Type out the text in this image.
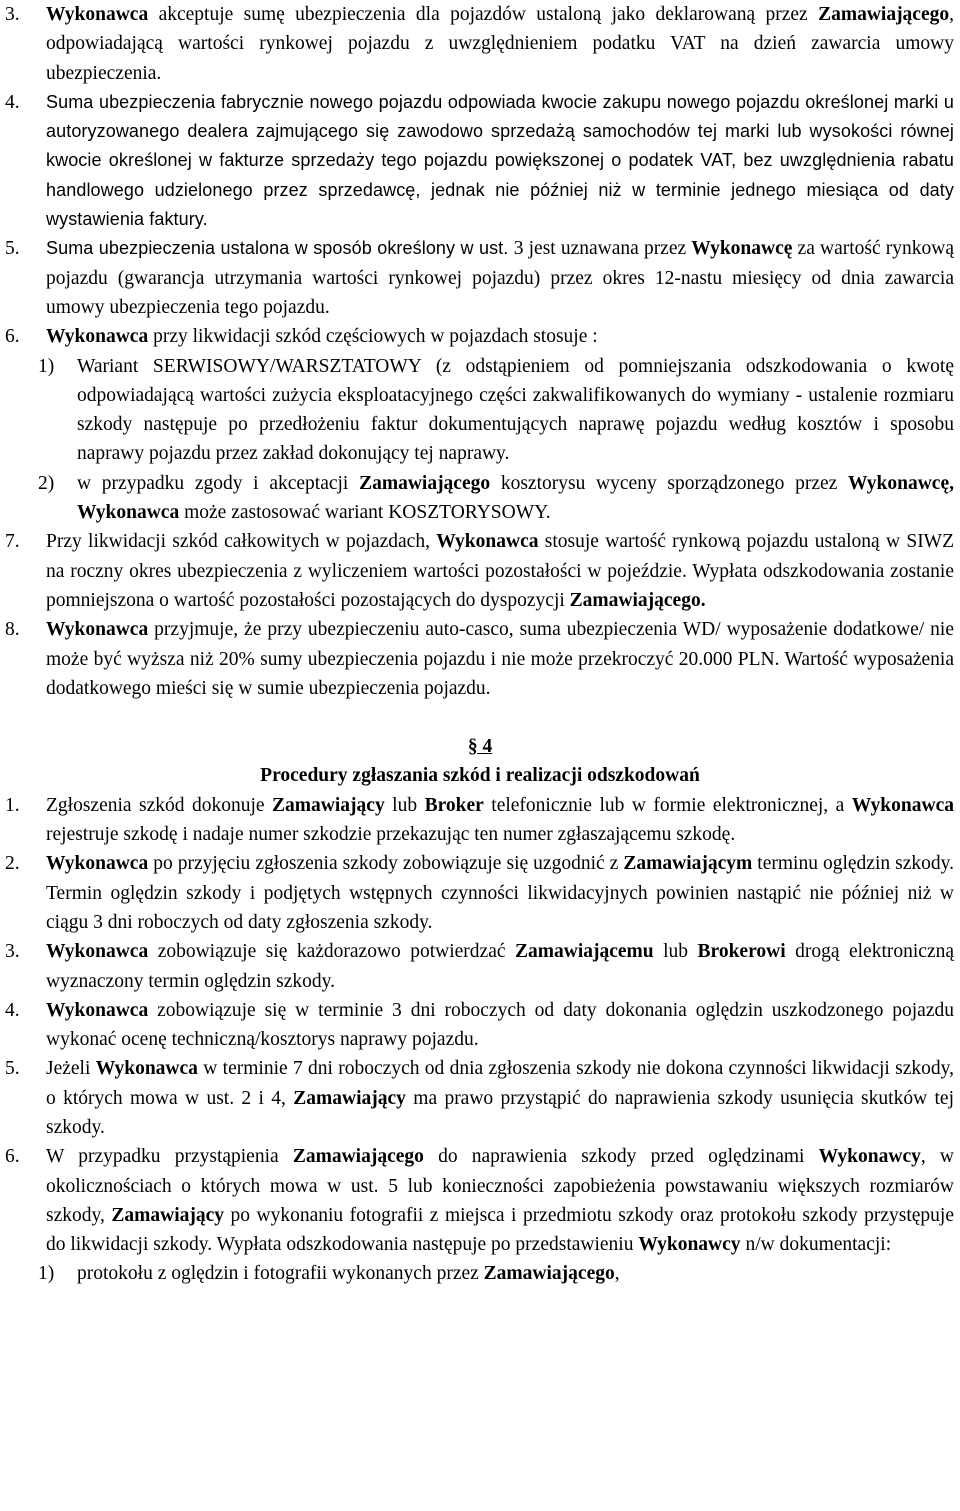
3. Wykonawca akceptuje sumę ubezpieczenia dla pojazdów ustaloną jako deklarowaną przez Zamawiającego, odpowiadającą wartości rynkowej pojazdu z uwzględnieniem podatku VAT na dzień zawarcia umowy ubezpieczenia.
4. Suma ubezpieczenia fabrycznie nowego pojazdu odpowiada kwocie zakupu nowego pojazdu określonej marki u autoryzowanego dealera zajmującego się zawodowo sprzedażą samochodów tej marki lub wysokości równej kwocie określonej w fakturze sprzedaży tego pojazdu powiększonej o podatek VAT, bez uwzględnienia rabatu handlowego udzielonego przez sprzedawcę, jednak nie później niż w terminie jednego miesiąca od daty wystawienia faktury.
5. Suma ubezpieczenia ustalona w sposób określony w ust. 3 jest uznawana przez Wykonawcę za wartość rynkową pojazdu (gwarancja utrzymania wartości rynkowej pojazdu) przez okres 12-nastu miesięcy od dnia zawarcia umowy ubezpieczenia tego pojazdu.
6. Wykonawca przy likwidacji szkód częściowych w pojazdach stosuje :
1) Wariant SERWISOWY/WARSZTATOWY (z odstąpieniem od pomniejszania odszkodowania o kwotę odpowiadającą wartości zużycia eksploatacyjnego części zakwalifikowanych do wymiany - ustalenie rozmiaru szkody następuje po przedłożeniu faktur dokumentujących naprawę pojazdu według kosztów i sposobu naprawy pojazdu przez zakład dokonujący tej naprawy.
2) w przypadku zgody i akceptacji Zamawiającego kosztorysu wyceny sporządzonego przez Wykonawcę, Wykonawca może zastosować wariant KOSZTORYSOWY.
7. Przy likwidacji szkód całkowitych w pojazdach, Wykonawca stosuje wartość rynkową pojazdu ustaloną w SIWZ na roczny okres ubezpieczenia z wyliczeniem wartości pozostałości w pojeździe. Wypłata odszkodowania zostanie pomniejszona o wartość pozostałości pozostających do dyspozycji Zamawiającego.
8. Wykonawca przyjmuje, że przy ubezpieczeniu auto-casco, suma ubezpieczenia WD/ wyposażenie dodatkowe/ nie może być wyższa niż 20% sumy ubezpieczenia pojazdu i nie może przekroczyć 20.000 PLN. Wartość wyposażenia dodatkowego mieści się w sumie ubezpieczenia pojazdu.
§ 4
Procedury zgłaszania szkód i realizacji odszkodowań
1. Zgłoszenia szkód dokonuje Zamawiający lub Broker telefonicznie lub w formie elektronicznej, a Wykonawca rejestruje szkodę i nadaje numer szkodzie przekazując ten numer zgłaszającemu szkodę.
2. Wykonawca po przyjęciu zgłoszenia szkody zobowiązuje się uzgodnić z Zamawiającym terminu oględzin szkody. Termin oględzin szkody i podjętych wstępnych czynności likwidacyjnych powinien nastąpić nie później niż w ciągu 3 dni roboczych od daty zgłoszenia szkody.
3. Wykonawca zobowiązuje się każdorazowo potwierdzać Zamawiającemu lub Brokerowi drogą elektroniczną wyznaczony termin oględzin szkody.
4. Wykonawca zobowiązuje się w terminie 3 dni roboczych od daty dokonania oględzin uszkodzonego pojazdu wykonać ocenę techniczną/kosztorys naprawy pojazdu.
5. Jeżeli Wykonawca w terminie 7 dni roboczych od dnia zgłoszenia szkody nie dokona czynności likwidacji szkody, o których mowa w ust. 2 i 4, Zamawiający ma prawo przystąpić do naprawienia szkody usunięcia skutków tej szkody.
6. W przypadku przystąpienia Zamawiającego do naprawienia szkody przed oględzinami Wykonawcy, w okolicznościach o których mowa w ust. 5 lub konieczności zapobieżenia powstawaniu większych rozmiarów szkody, Zamawiający po wykonaniu fotografii z miejsca i przedmiotu szkody oraz protokołu szkody przystępuje do likwidacji szkody. Wypłata odszkodowania następuje po przedstawieniu Wykonawcy n/w dokumentacji:
1) protokołu z oględzin i fotografii wykonanych przez Zamawiającego,
